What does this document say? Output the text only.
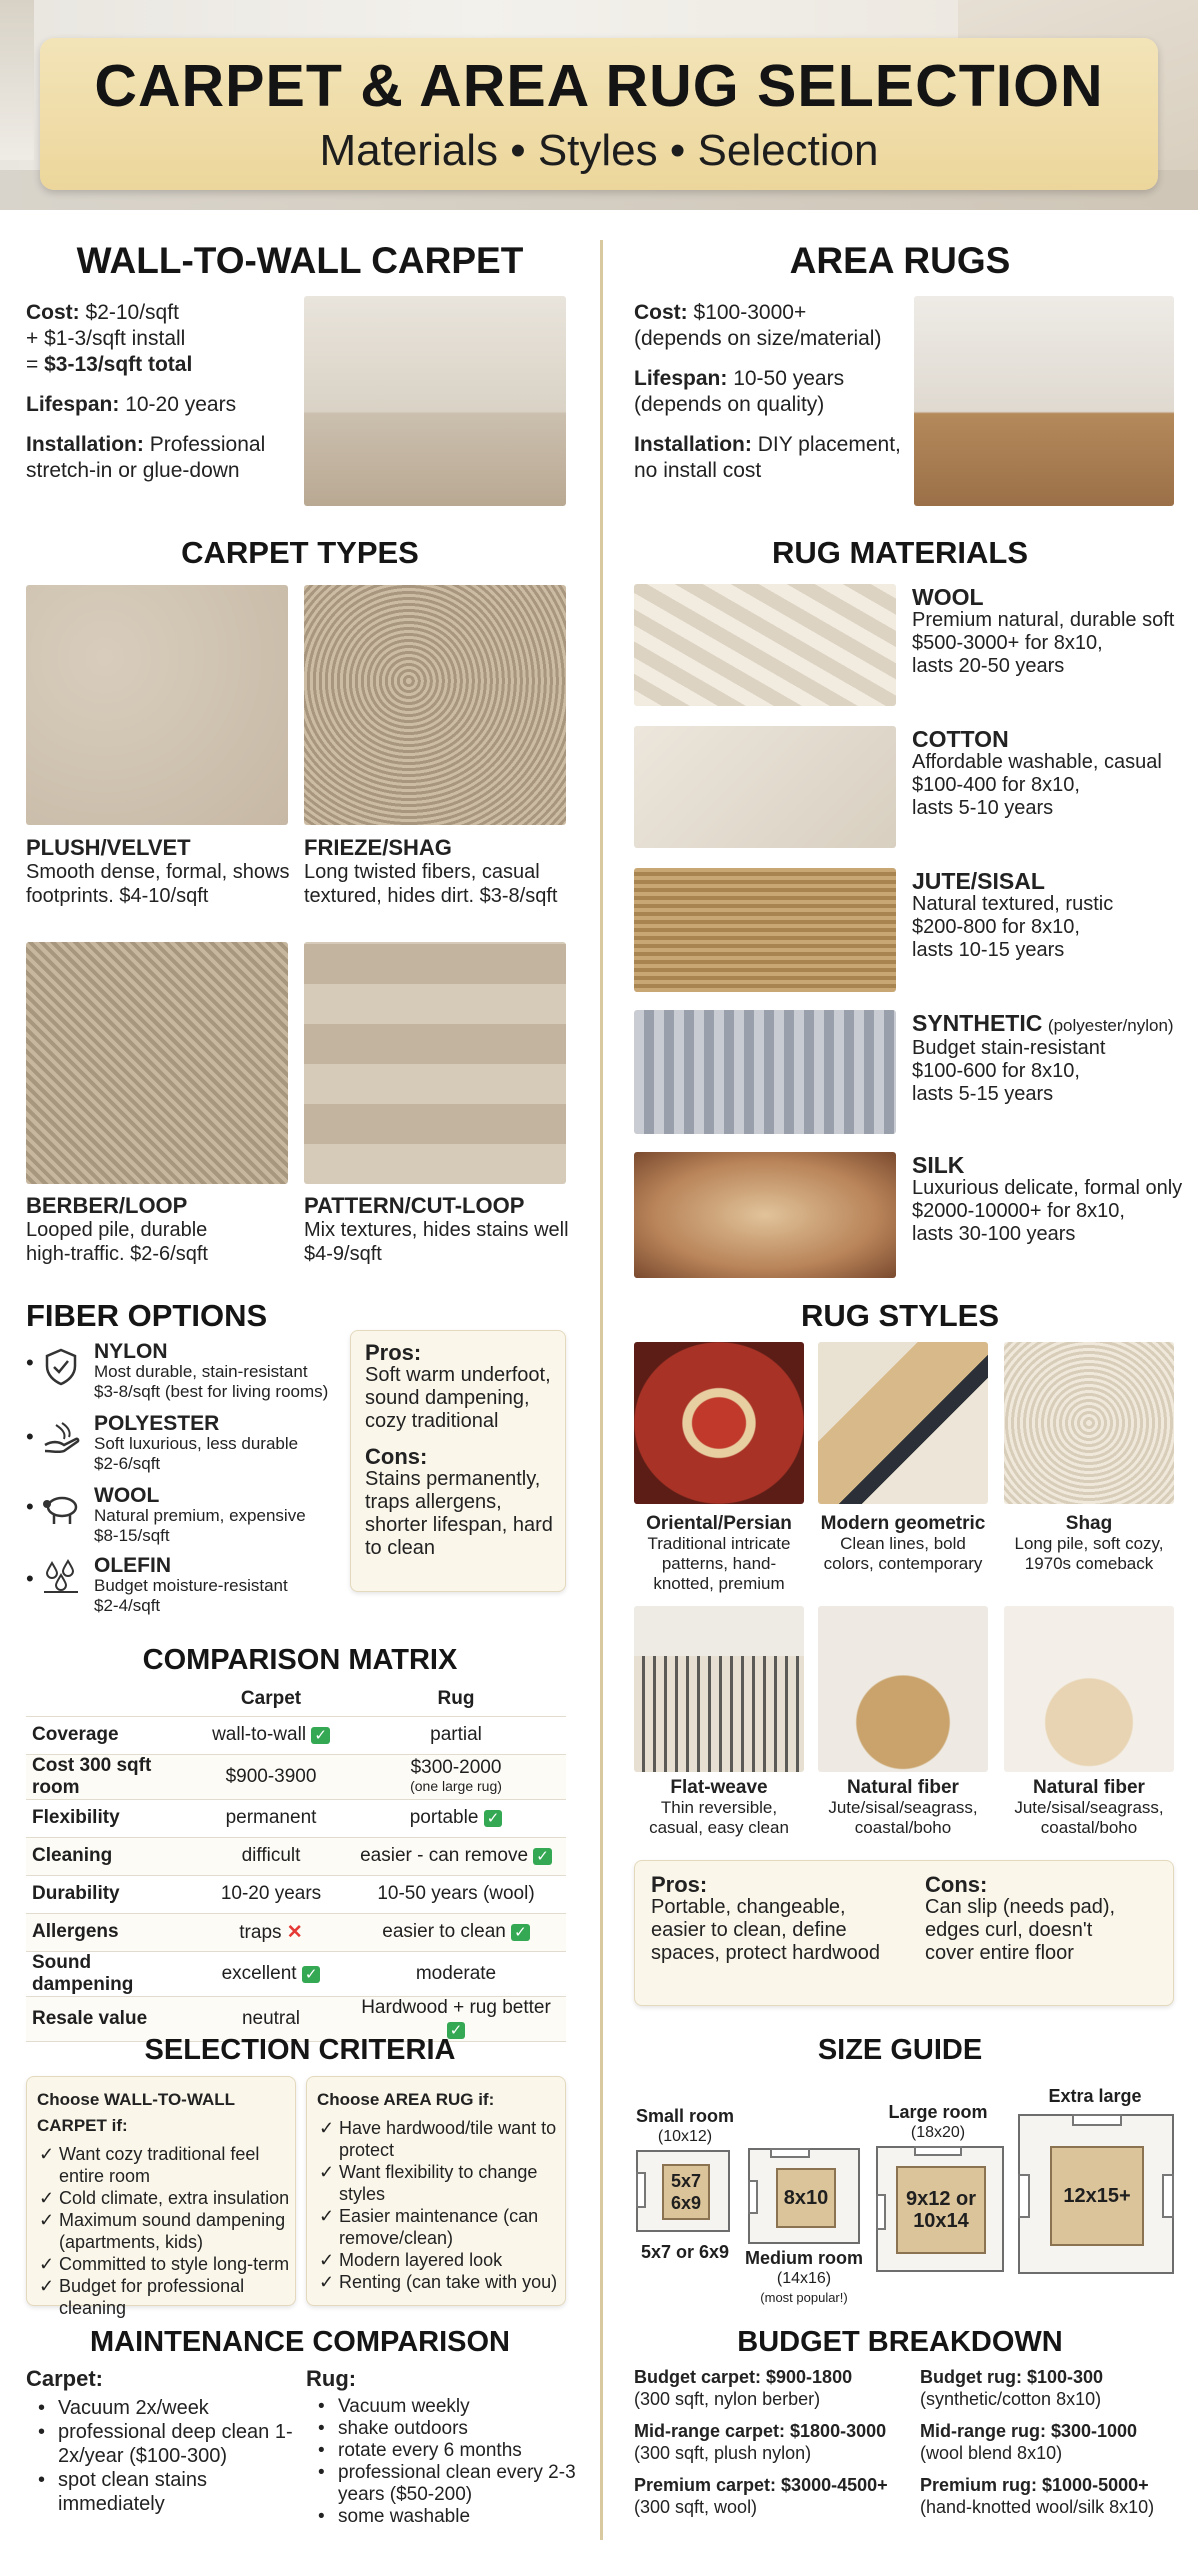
CARPET & AREA RUG SELECTION
Materials • Styles • Selection
WALL-TO-WALL CARPET
Cost: $2-10/sqft
+ $1-3/sqft install
= $3-13/sqft total
Lifespan: 10-20 years
Installation: Professional
stretch-in or glue-down
AREA RUGS
Cost: $100-3000+
(depends on size/material)
Lifespan: 10-50 years
(depends on quality)
Installation: DIY placement,
no install cost
CARPET TYPES
PLUSH/VELVET
Smooth dense, formal, shows
footprints. $4-10/sqft
FRIEZE/SHAG
Long twisted fibers, casual
textured, hides dirt. $3-8/sqft
BERBER/LOOP
Looped pile, durable
high-traffic. $2-6/sqft
PATTERN/CUT-LOOP
Mix textures, hides stains well
$4-9/sqft
RUG MATERIALS
WOOL
Premium natural, durable soft
$500-3000+ for 8x10,
lasts 20-50 years
COTTON
Affordable washable, casual
$100-400 for 8x10,
lasts 5-10 years
JUTE/SISAL
Natural textured, rustic
$200-800 for 8x10,
lasts 10-15 years
SYNTHETIC (polyester/nylon)
Budget stain-resistant
$100-600 for 8x10,
lasts 5-15 years
SILK
Luxurious delicate, formal only
$2000-10000+ for 8x10,
lasts 30-100 years
FIBER OPTIONS
•	NYLON
Most durable, stain-resistant
$3-8/sqft (best for living rooms)
•
POLYESTER
Soft luxurious, less durable
$2-6/sqft
•	WOOL
Natural premium, expensive
$8-15/sqft
•
OLEFIN
Budget moisture-resistant
$2-4/sqft
Pros:
Soft warm underfoot,
sound dampening,
cozy traditional
Cons:
Stains permanently,
traps allergens,
shorter lifespan, hard
to clean
RUG STYLES
Oriental/Persian
Traditional intricate
patterns, hand-
knotted, premium
Modern geometric
Clean lines, bold
colors, contemporary
Shag
Long pile, soft cozy,
1970s comeback
Flat-weave
Thin reversible,
casual, easy clean
Natural fiber
Jute/sisal/seagrass,
coastal/boho
Natural fiber
Jute/sisal/seagrass,
coastal/boho
Pros:
Portable, changeable,
easier to clean, define
spaces, protect hardwood
Cons:
Can slip (needs pad),
edges curl, doesn't
cover entire floor
COMPARISON MATRIX
	Carpet	Rug
Coverage	wall-to-wall ✓	partial
Cost 300 sqft room	$900-3900	$300-2000
(one large rug)

Flexibility	permanent	portable ✓
Cleaning	difficult	easier - can remove ✓
Durability	10-20 years	10-50 years (wool)
Allergens	traps ✕	easier to clean ✓
Sound dampening	excellent ✓	moderate
Resale value	neutral	Hardwood + rug better ✓
SELECTION CRITERIA
Choose WALL-TO-WALL CARPET if:
✓ Want cozy traditional feel entire room
✓ Cold climate, extra insulation
✓ Maximum sound dampening (apartments, kids)
✓ Committed to style long-term
✓ Budget for professional cleaning
Choose AREA RUG if:
✓ Have hardwood/tile want to protect
✓ Want flexibility to change styles
✓ Easier maintenance (can remove/clean)
✓ Modern layered look
✓ Renting (can take with you)
SIZE GUIDE
Small room
(10x12)
5x7
6x9
5x7 or 6x9
8x10
Medium room
(14x16)
(most popular!)
Large room
(18x20)
9x12 or
10x14
Extra large
12x15+
MAINTENANCE COMPARISON
Carpet:
• Vacuum 2x/week
• professional deep clean 1-2x/year ($100-300)
• spot clean stains immediately
Rug:
• Vacuum weekly
• shake outdoors
• rotate every 6 months
• professional clean every 2-3 years ($50-200)
• some washable
BUDGET BREAKDOWN
Budget carpet: $900-1800
(300 sqft, nylon berber)
Mid-range carpet: $1800-3000
(300 sqft, plush nylon)
Premium carpet: $3000-4500+
(300 sqft, wool)
Budget rug: $100-300
(synthetic/cotton 8x10)
Mid-range rug: $300-1000
(wool blend 8x10)
Premium rug: $1000-5000+
(hand-knotted wool/silk 8x10)
